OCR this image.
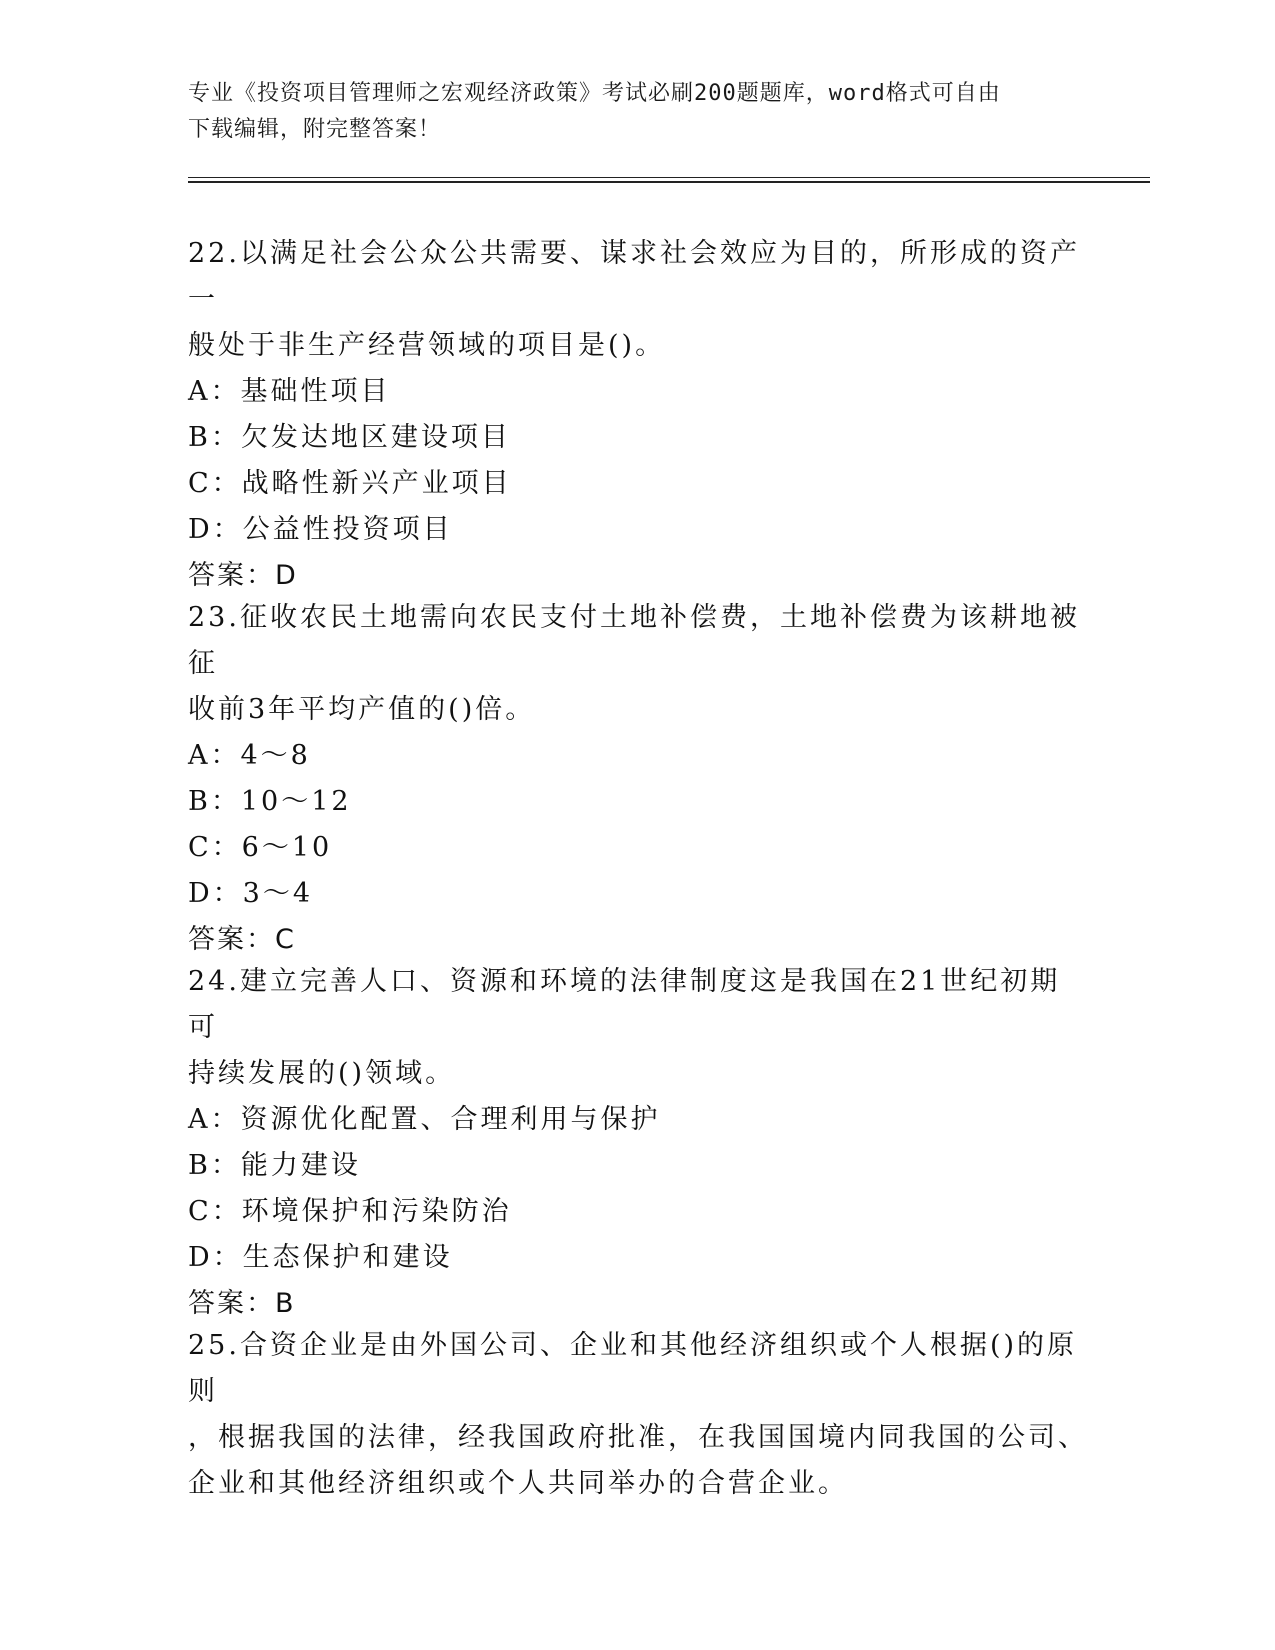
专业《投资项目管理师之宏观经济政策》考试必刷200题题库，word格式可自由
下载编辑，附完整答案！

22.以满足社会公众公共需要、谋求社会效应为目的，所形成的资产一

般处于非生产经营领域的项目是()。

A：基础性项目

B：欠发达地区建设项目

C：战略性新兴产业项目

D：公益性投资项目

答案：D

23.征收农民土地需向农民支付土地补偿费，土地补偿费为该耕地被征

收前3年平均产值的()倍。

A：4～8

B：10～12

C：6～10

D：3～4

答案：C

24.建立完善人口、资源和环境的法律制度这是我国在21世纪初期可

持续发展的()领域。

A：资源优化配置、合理利用与保护

B：能力建设

C：环境保护和污染防治

D：生态保护和建设

答案：B

25.合资企业是由外国公司、企业和其他经济组织或个人根据()的原则

，根据我国的法律，经我国政府批准，在我国国境内同我国的公司、

企业和其他经济组织或个人共同举办的合营企业。
